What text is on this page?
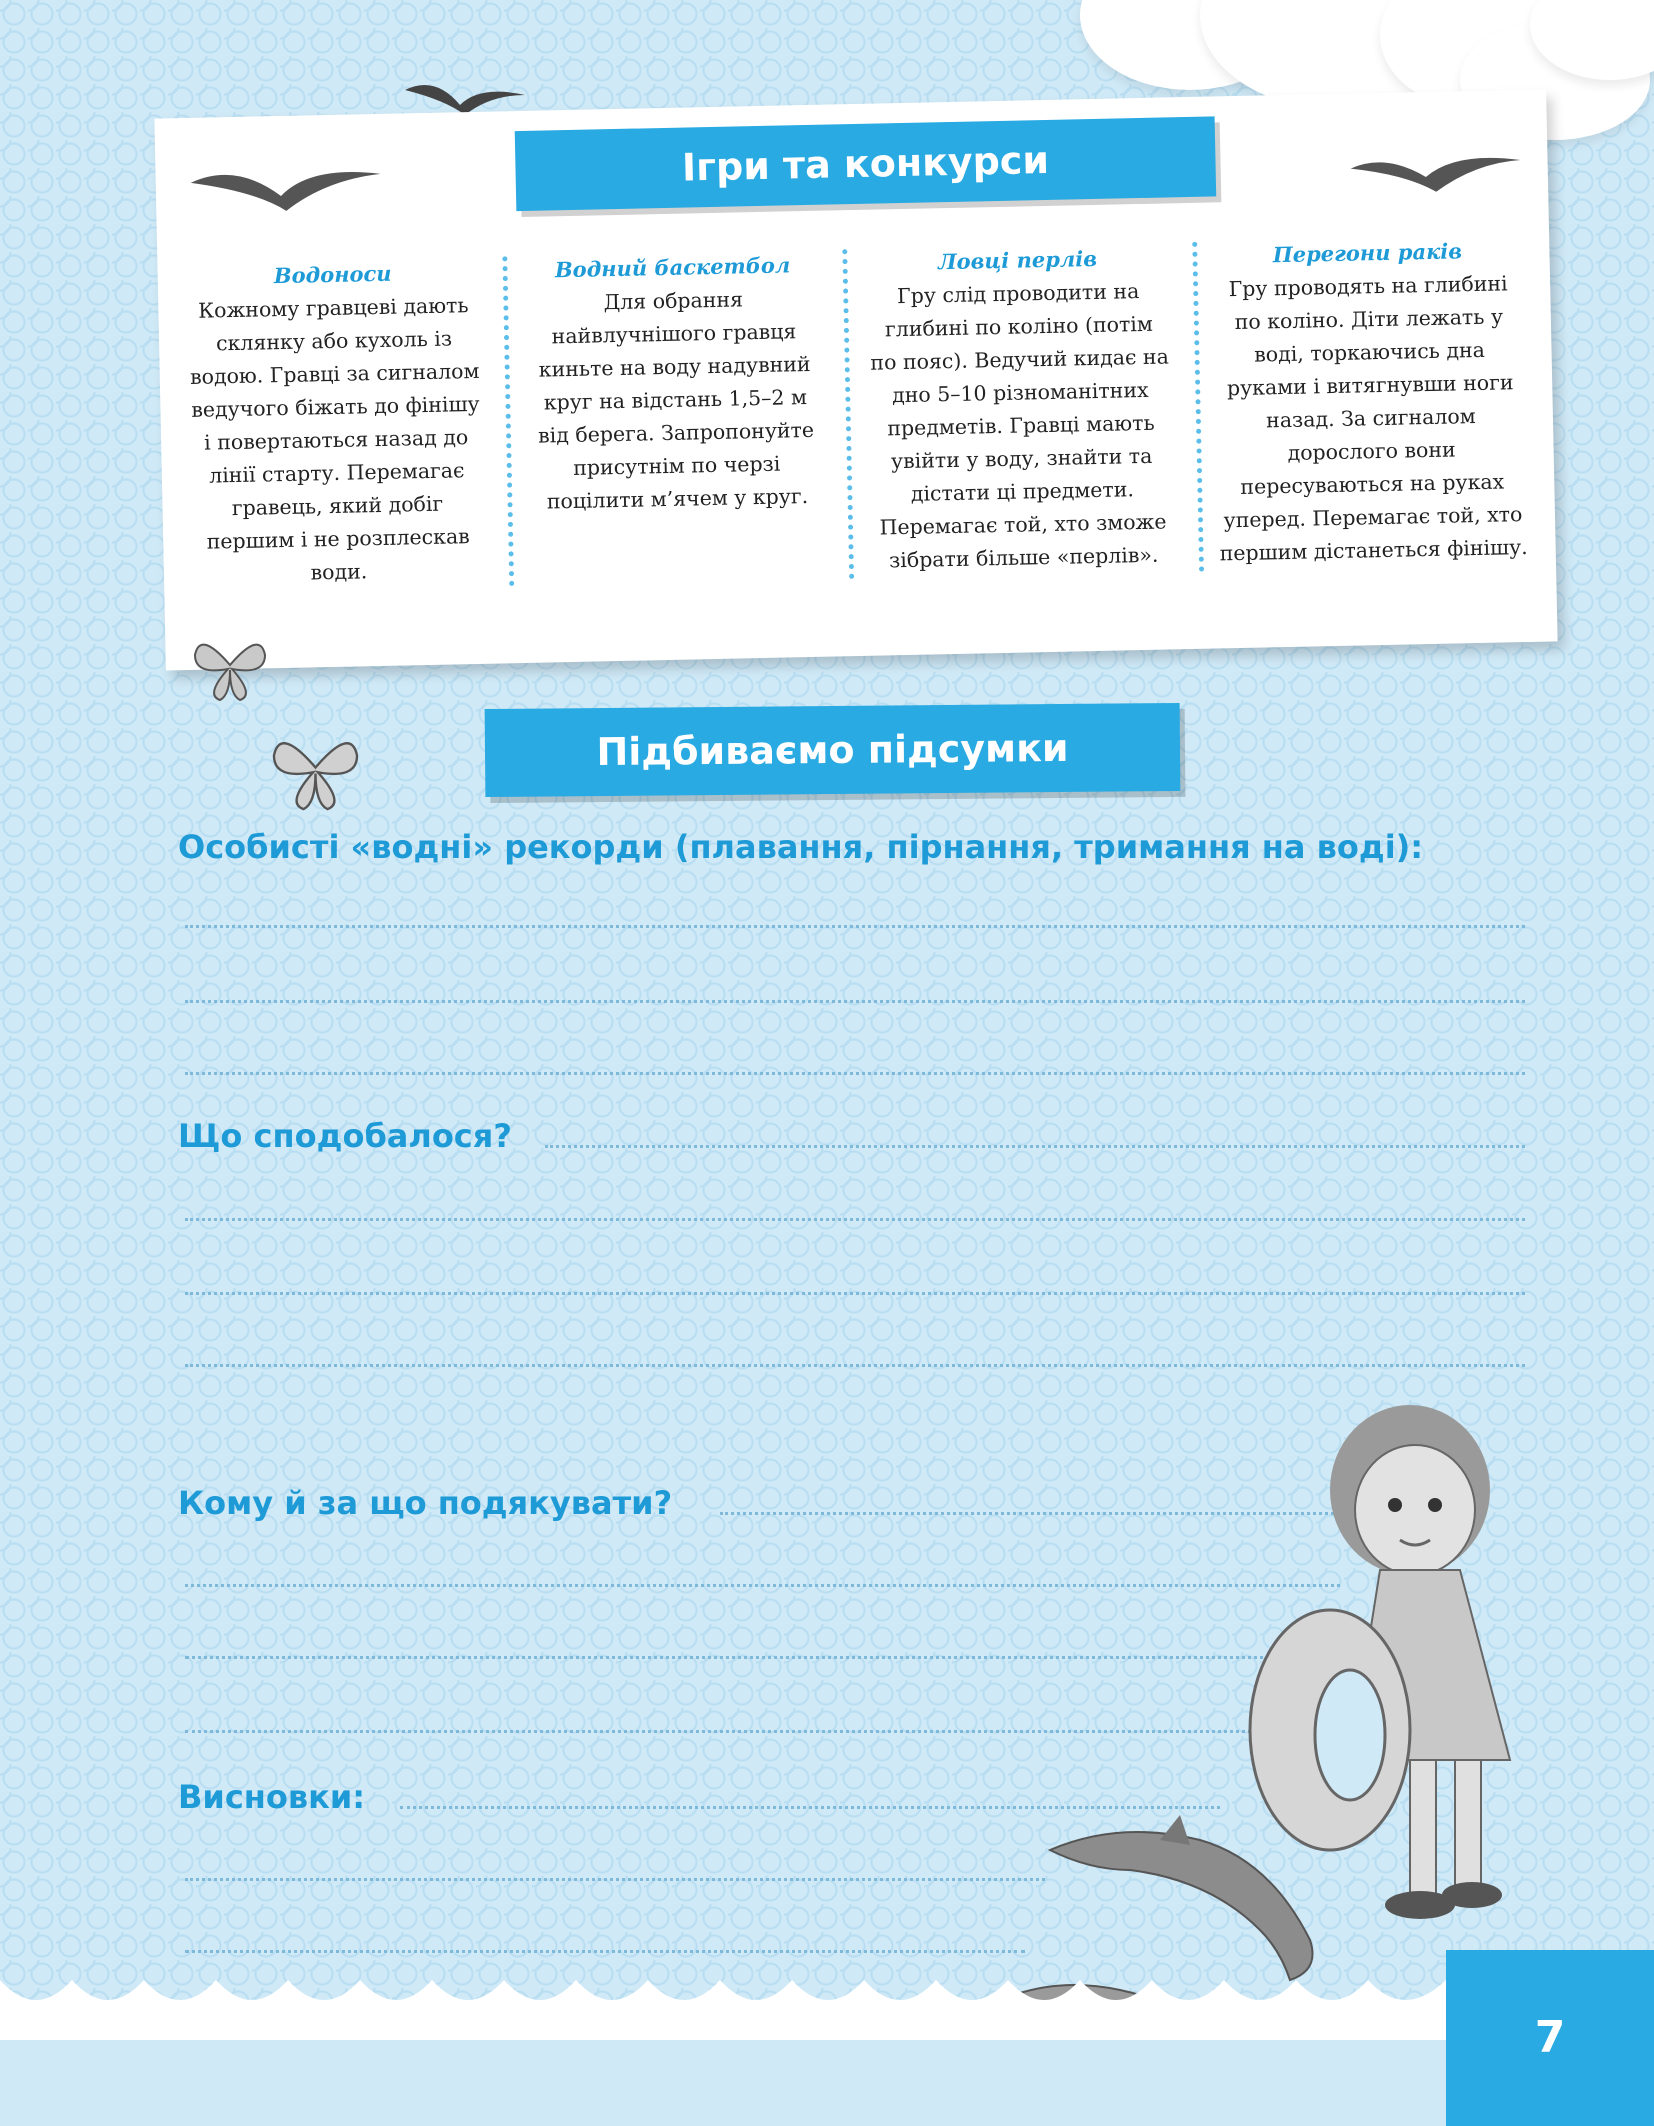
Ігри та конкурси
Водоноси
Кожному гравцеві дають склянку або кухоль із водою. Гравці за сигналом ведучого біжать до фінішу і повертаються назад до лінії старту. Перемагає гравець, який добіг першим і не розплескав води.
Водний баскетбол
Для обрання найвлучнішого гравця киньте на воду надувний круг на відстань 1,5–2 м від берега. Запропонуйте присутнім по черзі поцілити м’ячем у круг.
Ловці перлів
Гру слід проводити на глибині по коліно (потім по пояс). Ведучий кидає на дно 5–10 різноманітних предметів. Гравці мають увійти у воду, знайти та дістати ці предмети. Перемагає той, хто зможе зібрати більше «перлів».
Перегони раків
Гру проводять на глибині по коліно. Діти лежать у воді, торкаючись дна руками і витягнувши ноги назад. За сигналом дорослого вони пересуваються на руках уперед. Перемагає той, хто першим дістанеться фінішу.
Підбиваємо підсумки
Особисті «водні» рекорди (плавання, пірнання, тримання на воді):
Що сподобалося?
Кому й за що подякувати?
Висновки:
7
